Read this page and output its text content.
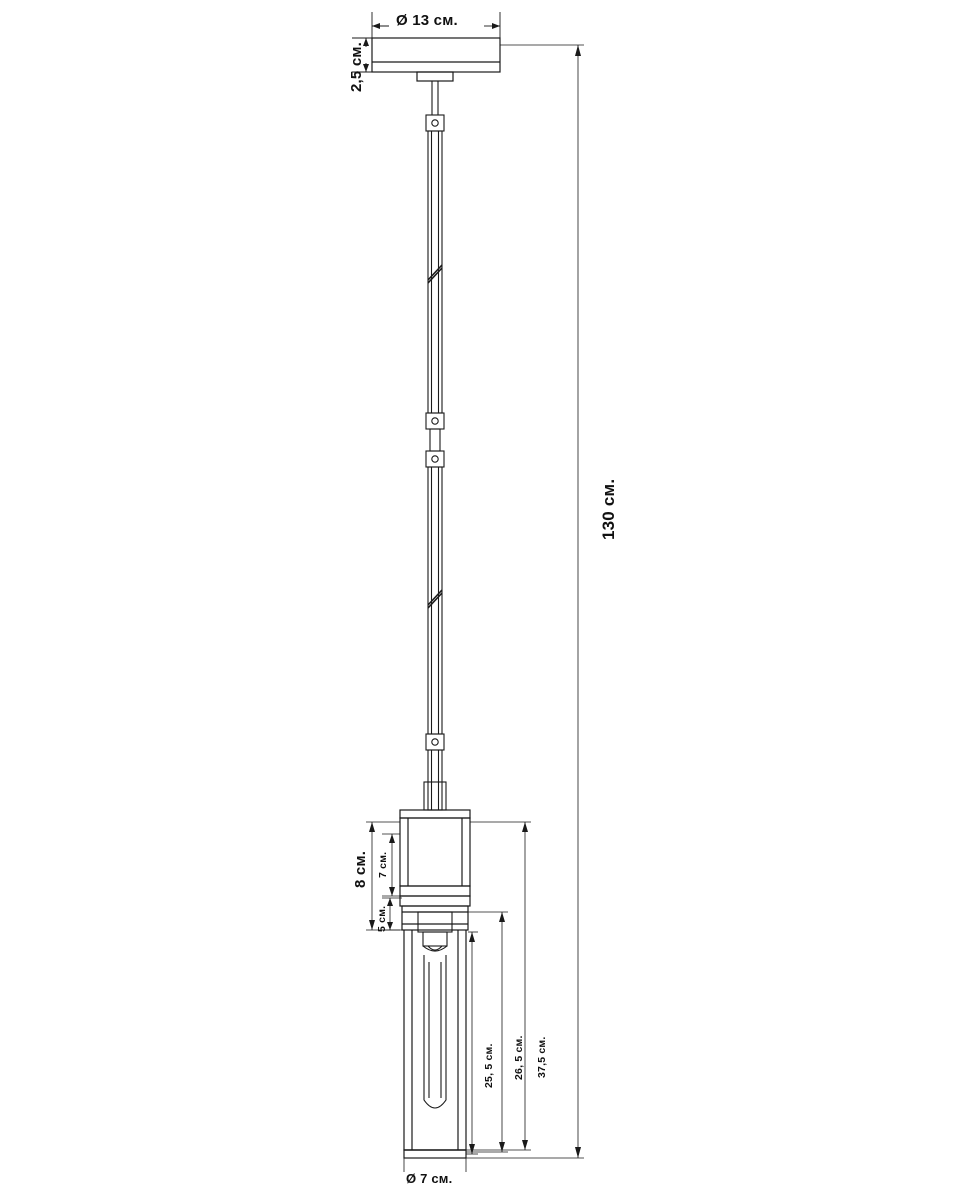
Ø 13 см.
2,5 см.
130 см.
8 см. 7 см.
5 см.
37,5 см.
26, 5 см.
25, 5 см.
Ø 7 см.
